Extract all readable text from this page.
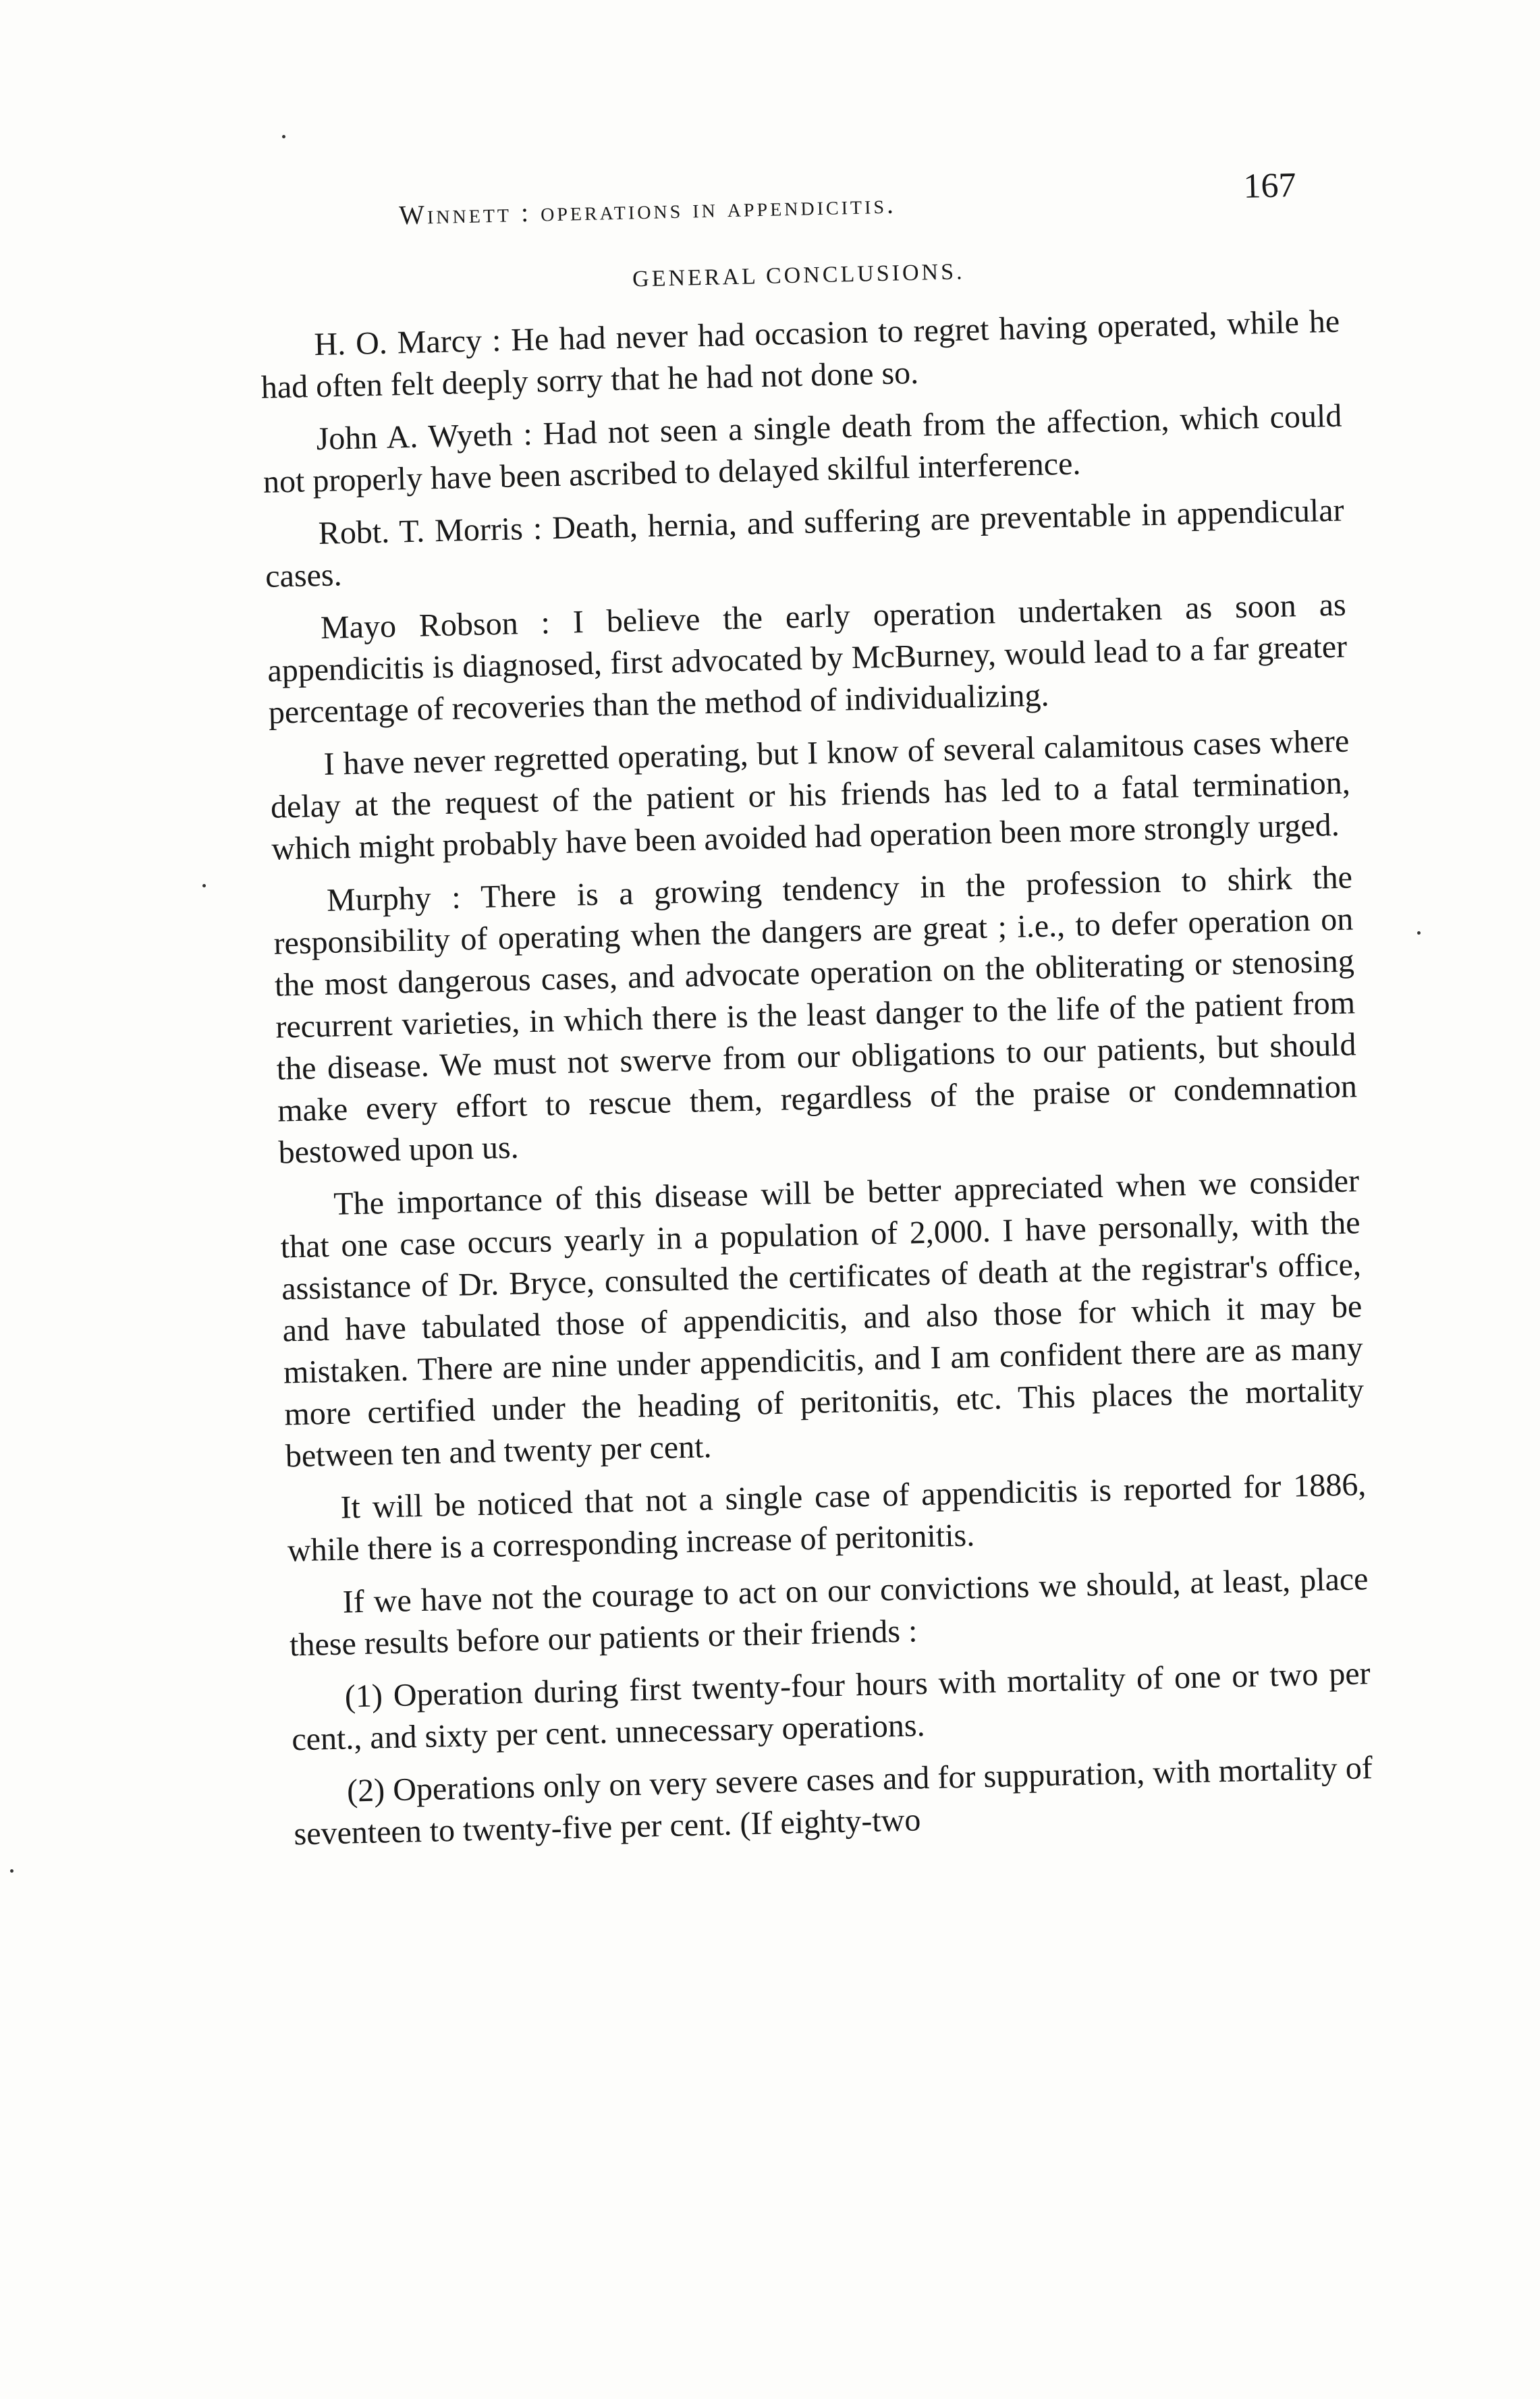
Winnett : operations in appendicitis.
167
GENERAL CONCLUSIONS.

H. O. Marcy : He had never had occasion to regret having operated, while he had often felt deeply sorry that he had not done so.

John A. Wyeth : Had not seen a single death from the affection, which could not properly have been ascribed to delayed skilful interference.

Robt. T. Morris : Death, hernia, and suffering are preventable in appendicular cases.

Mayo Robson : I believe the early operation undertaken as soon as appendicitis is diagnosed, first advocated by McBurney, would lead to a far greater percentage of recoveries than the method of individualizing.

I have never regretted operating, but I know of several calamitous cases where delay at the request of the patient or his friends has led to a fatal termination, which might probably have been avoided had operation been more strongly urged.

Murphy : There is a growing tendency in the profession to shirk the responsibility of operating when the dangers are great ; i.e., to defer operation on the most dangerous cases, and advocate operation on the obliterating or stenosing recurrent varieties, in which there is the least danger to the life of the patient from the disease. We must not swerve from our obligations to our patients, but should make every effort to rescue them, regardless of the praise or condemnation bestowed upon us.

The importance of this disease will be better appreciated when we consider that one case occurs yearly in a population of 2,000. I have personally, with the assistance of Dr. Bryce, consulted the certificates of death at the registrar's office, and have tabulated those of appendicitis, and also those for which it may be mistaken. There are nine under appendicitis, and I am confident there are as many more certified under the heading of peritonitis, etc. This places the mortality between ten and twenty per cent.

It will be noticed that not a single case of appendicitis is reported for 1886, while there is a corresponding increase of peritonitis.

If we have not the courage to act on our convictions we should, at least, place these results before our patients or their friends :

(1) Operation during first twenty-four hours with mortality of one or two per cent., and sixty per cent. unnecessary operations.

(2) Operations only on very severe cases and for suppuration, with mortality of seventeen to twenty-five per cent. (If eighty-two
